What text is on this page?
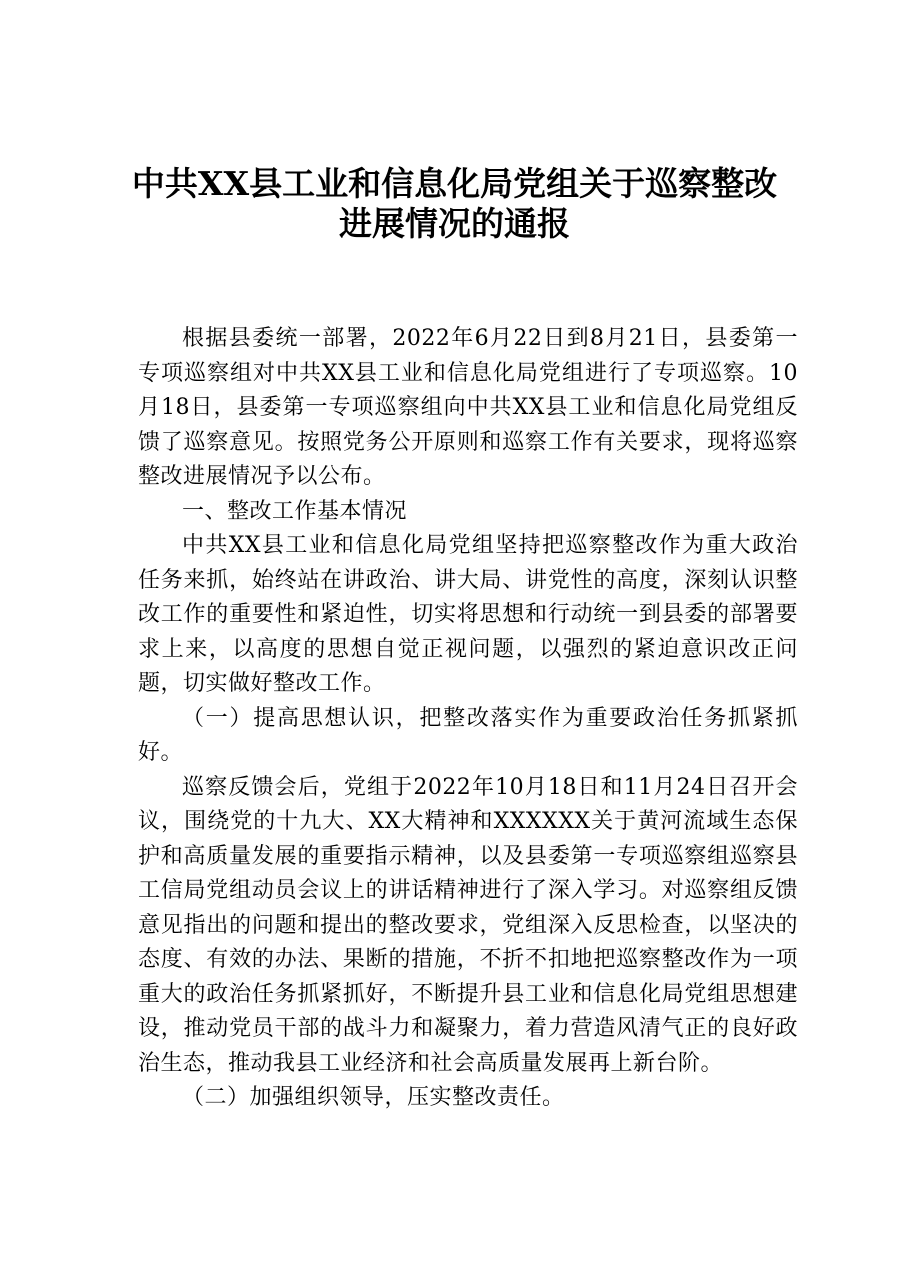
中共XX县工业和信息化局党组关于巡察整改
进展情况的通报

根据县委统一部署，2022年6月22日到8月21日，县委第一专项巡察组对中共XX县工业和信息化局党组进行了专项巡察。10月18日，县委第一专项巡察组向中共XX县工业和信息化局党组反馈了巡察意见。按照党务公开原则和巡察工作有关要求，现将巡察整改进展情况予以公布。

一、整改工作基本情况

中共XX县工业和信息化局党组坚持把巡察整改作为重大政治任务来抓，始终站在讲政治、讲大局、讲党性的高度，深刻认识整改工作的重要性和紧迫性，切实将思想和行动统一到县委的部署要求上来，以高度的思想自觉正视问题，以强烈的紧迫意识改正问题，切实做好整改工作。

（一）提高思想认识，把整改落实作为重要政治任务抓紧抓好。

巡察反馈会后，党组于2022年10月18日和11月24日召开会议，围绕党的十九大、XX大精神和XXXXXX关于黄河流域生态保护和高质量发展的重要指示精神，以及县委第一专项巡察组巡察县工信局党组动员会议上的讲话精神进行了深入学习。对巡察组反馈意见指出的问题和提出的整改要求，党组深入反思检查，以坚决的态度、有效的办法、果断的措施，不折不扣地把巡察整改作为一项重大的政治任务抓紧抓好，不断提升县工业和信息化局党组思想建设，推动党员干部的战斗力和凝聚力，着力营造风清气正的良好政治生态，推动我县工业经济和社会高质量发展再上新台阶。

（二）加强组织领导，压实整改责任。
